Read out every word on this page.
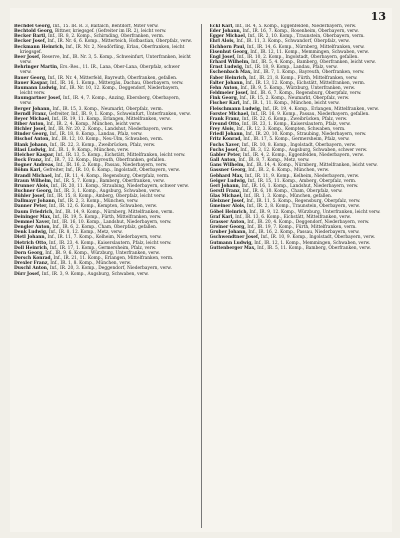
13

Bechdel Georg, Inf., 15. IR. R. 3, Baltalch, Bentdorf, Miter verw.

Bechtold Georg, Bittner, kriegsgef. (Gefreiter im IR. 2), leicht verw.

Becker Bartl, Inf., IR. 8, 2. Komp., Schirnding, Oberfranken, verm.

Becker Josef, Inf., IR. Nr. 6, 6. Komp., Mitterteich, Hofbastian, Oberpfalz, verw.

Beckmann Heinrich, Inf., IR. Nr. 2, Neudörfling, Erlau, Oberfranken, leicht kriegsgef.

Beer Josef, Reserve, Inf., IR. Nr. 3, 5. Komp., Schweinfurt, Unterfranken, leicht verw.

Behringer Martin, Ers.-Res., 11. IR., Lana, Ober-Lana, Oberpfalz, schwer verw.

Bauer Georg, Inf., IR. Nr. 4, Mitterfeld, Bayreuth, Oberfranken, gefallen.

Bauer Kaspar, Inf., IR. 16, 1. Komp., Mittergäu, Dachau, Oberbayern, verw.

Baumann Ludwig, Inf., IR. Nr. 10, 12. Komp., Deggendorf, Niederbayern, leicht verw.

Baumgartner Josef, Inf., IR. 4, 7. Komp., Anzing, Ebersberg, Oberbayern, verw.

Berger Johann, Inf., IR. 15, 3. Komp., Neumarkt, Oberpfalz, verm.

Berndl Franz, Gefreiter, Inf., IR. 9, 1. Komp., Schweinfurt, Unterfranken, verw.

Beyer Michael, Inf., IR. 19, 11. Komp., Erlangen, Mittelfranken, verw.

Biber Anton, Inf., IR. 2, 4. Komp., München, leicht verw.

Bichler Josef, Inf., IR. Nr. 20, 2. Komp., Landshut, Niederbayern, verw.

Binder Georg, Inf., IR. 18, 8. Komp., Landau, Pfalz, verw.

Bischof Anton, Inf., IR. 12, 10. Komp., Neu-Ulm, Schwaben, verm.

Blank Johann, Inf., IR. 22, 3. Komp., Zweibrücken, Pfalz, verw.

Blasi Ludwig, Inf., IR. 1, 9. Komp., München, verw.

Bleicher Kaspar, Inf., IR. 13, 5. Komp., Eichstätt, Mittelfranken, leicht verw.

Bock Franz, Inf., IR. 7, 12. Komp., Bayreuth, Oberfranken, gefallen.

Bogner Andreas, Inf., IR. 16, 2. Komp., Passau, Niederbayern, verw.

Böhm Karl, Gefreiter, Inf., IR. 10, 6. Komp., Ingolstadt, Oberbayern, verw.

Brandl Michael, Inf., IR. 11, 4. Komp., Regensburg, Oberpfalz, verm.

Braun Wilhelm, Inf., IR. 5, 7. Komp., Bamberg, Oberfranken, verw.

Brunner Alois, Inf., IR. 20, 11. Komp., Straubing, Niederbayern, schwer verw.

Buchner Georg, Inf., IR. 3, 1. Komp., Augsburg, Schwaben, verw.

Bühler Josef, Inf., IR. 15, 8. Komp., Amberg, Oberpfalz, leicht verw.

Dallmayr Johann, Inf., IR. 2, 3. Komp., München, verw.

Danner Peter, Inf., IR. 12, 6. Komp., Kempten, Schwaben, verw.

Daum Friedrich, Inf., IR. 14, 9. Komp., Nürnberg, Mittelfranken, verm.

Deininger Max, Inf., IR. 19, 5. Komp., Fürth, Mittelfranken, verw.

Demmel Xaver, Inf., IR. 16, 10. Komp., Landshut, Niederbayern, verw.

Dengler Anton, Inf., IR. 6, 2. Komp., Cham, Oberpfalz, gefallen.

Denk Ludwig, Inf., IR. 8, 12. Komp., Metz, verw.

Dietl Johann, Inf., IR. 11, 7. Komp., Kelheim, Niederbayern, verw.

Dietrich Otto, Inf., IR. 23, 4. Komp., Kaiserslautern, Pfalz, leicht verw.

Doll Heinrich, Inf., IR. 17, 1. Komp., Germersheim, Pfalz, verw.

Dorn Georg, Inf., IR. 9, 6. Komp., Würzburg, Unterfranken, verw.

Dorsch Konrad, Inf., IR. 21, 11. Komp., Erlangen, Mittelfranken, verm.

Drexler Franz, Inf., IR. 1, 8. Komp., München, verw.

Duschl Anton, Inf., IR. 20, 3. Komp., Deggendorf, Niederbayern, verw.

Dürr Josef, Inf., IR. 3, 9. Komp., Augsburg, Schwaben, verw.

Eckl Karl, Inf., IR. 4, 5. Komp., Eggenfelden, Niederbayern, verw.

Eder Johann, Inf., IR. 16, 7. Komp., Rosenheim, Oberbayern, verw.

Egger Michael, Inf., IR. 2, 10. Komp., Traunstein, Oberbayern, verm.

Ehrl Alois, Inf., IR. 11, 3. Komp., Schwandorf, Oberpfalz, verw.

Eichhorn Paul, Inf., IR. 14, 6. Komp., Nürnberg, Mittelfranken, verw.

Eisenhut Georg, Inf., IR. 12, 11. Komp., Memmingen, Schwaben, verw.

Engl Josef, Inf., IR. 10, 2. Komp., Ingolstadt, Oberbayern, gefallen.

Erhard Wilhelm, Inf., IR. 5, 4. Komp., Bamberg, Oberfranken, leicht verw.

Ernst Ludwig, Inf., IR. 18, 9. Komp., Landau, Pfalz, verw.

Eschenbach Max, Inf., IR. 7, 1. Komp., Bayreuth, Oberfranken, verw.

Faber Heinrich, Inf., IR. 21, 8. Komp., Fürth, Mittelfranken, verw.

Falter Johann, Inf., IR. 13, 12. Komp., Eichstätt, Mittelfranken, verm.

Fehn Anton, Inf., IR. 9, 5. Komp., Würzburg, Unterfranken, verw.

Feldmeier Josef, Inf., IR. 6, 7. Komp., Regensburg, Oberpfalz, verw.

Fink Georg, Inf., IR. 15, 2. Komp., Neumarkt, Oberpfalz, verw.

Fischer Karl, Inf., IR. 1, 11. Komp., München, leicht verw.

Fleischmann Ludwig, Inf., IR. 19, 4. Komp., Erlangen, Mittelfranken, verw.

Forster Michael, Inf., IR. 16, 9. Komp., Passau, Niederbayern, gefallen.

Frank Franz, Inf., IR. 22, 6. Komp., Zweibrücken, Pfalz, verw.

Freund Otto, Inf., IR. 23, 1. Komp., Kaiserslautern, Pfalz, verw.

Frey Alois, Inf., IR. 12, 3. Komp., Kempten, Schwaben, verm.

Friedl Johann, Inf., IR. 20, 10. Komp., Straubing, Niederbayern, verw.

Fritz Konrad, Inf., IR. 17, 5. Komp., Germersheim, Pfalz, verw.

Fuchs Xaver, Inf., IR. 10, 8. Komp., Ingolstadt, Oberbayern, verw.

Fuchs Josef, Inf., IR. 3, 12. Komp., Augsburg, Schwaben, schwer verw.

Gabler Peter, Inf., IR. 4, 2. Komp., Eggenfelden, Niederbayern, verw.

Gall Anton, Inf., IR. 8, 7. Komp., Metz, verw.

Gans Wilhelm, Inf., IR. 14, 4. Komp., Nürnberg, Mittelfranken, leicht verw.

Gassner Georg, Inf., IR. 2, 6. Komp., München, verw.

Gebhard Max, Inf., IR. 11, 9. Komp., Kelheim, Niederbayern, verw.

Geiger Ludwig, Inf., IR. 15, 11. Komp., Amberg, Oberpfalz, verm.

Gerl Johann, Inf., IR. 16, 1. Komp., Landshut, Niederbayern, verw.

Gerstl Franz, Inf., IR. 6, 10. Komp., Cham, Oberpfalz, verw.

Glas Michael, Inf., IR. 1, 3. Komp., München, gefallen.

Gleixner Josef, Inf., IR. 11, 5. Komp., Regensburg, Oberpfalz, verw.

Gmeiner Alois, Inf., IR. 2, 8. Komp., Traunstein, Oberbayern, verw.

Göbel Heinrich, Inf., IR. 9, 12. Komp., Würzburg, Unterfranken, leicht verw.

Graf Karl, Inf., IR. 13, 6. Komp., Eichstätt, Mittelfranken, verw.

Grasser Anton, Inf., IR. 20, 4. Komp., Deggendorf, Niederbayern, verw.

Greiner Georg, Inf., IR. 19, 7. Komp., Fürth, Mittelfranken, verm.

Gruber Johann, Inf., IR. 16, 2. Komp., Passau, Niederbayern, verw.

Gschwendtner Josef, Inf., IR. 10, 9. Komp., Ingolstadt, Oberbayern, verw.

Gutmann Ludwig, Inf., IR. 12, 1. Komp., Memmingen, Schwaben, verw.

Guttenberger Max, Inf., IR. 5, 11. Komp., Bamberg, Oberfranken, verw.
